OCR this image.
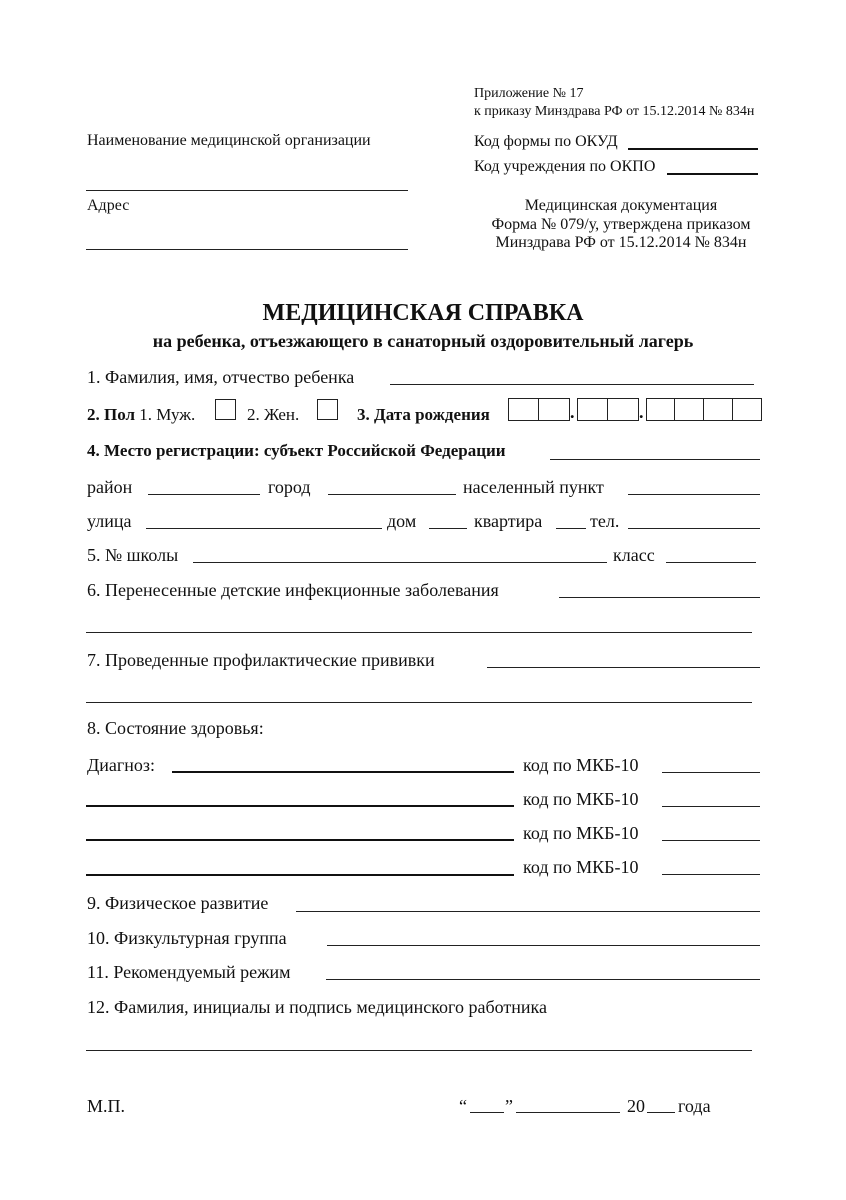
Приложение № 17
к приказу Минздрава РФ от 15.12.2014 № 834н
Наименование медицинской организации
Адрес
Код формы по ОКУД
Код учреждения по ОКПО
Медицинская документация
Форма № 079/у, утверждена приказом
Минздрава РФ от 15.12.2014 № 834н
МЕДИЦИНСКАЯ СПРАВКА
на ребенка, отъезжающего в санаторный оздоровительный лагерь
1. Фамилия, имя, отчество ребенка
2. Пол 1. Муж.	2. Жен.	3. Дата рождения	.	.
4. Место регистрации: субъект Российской Федерации
район	город	населенный пункт
улица	дом	квартира	тел.
5. № школы	класс
6. Перенесенные детские инфекционные заболевания
7. Проведенные профилактические прививки
8. Состояние здоровья:
Диагноз:	код по МКБ-10
код по МКБ-10
код по МКБ-10
код по МКБ-10
9. Физическое развитие
10. Физкультурная группа
11. Рекомендуемый режим
12. Фамилия, инициалы и подпись медицинского работника
М.П.	“ ”	20 года
